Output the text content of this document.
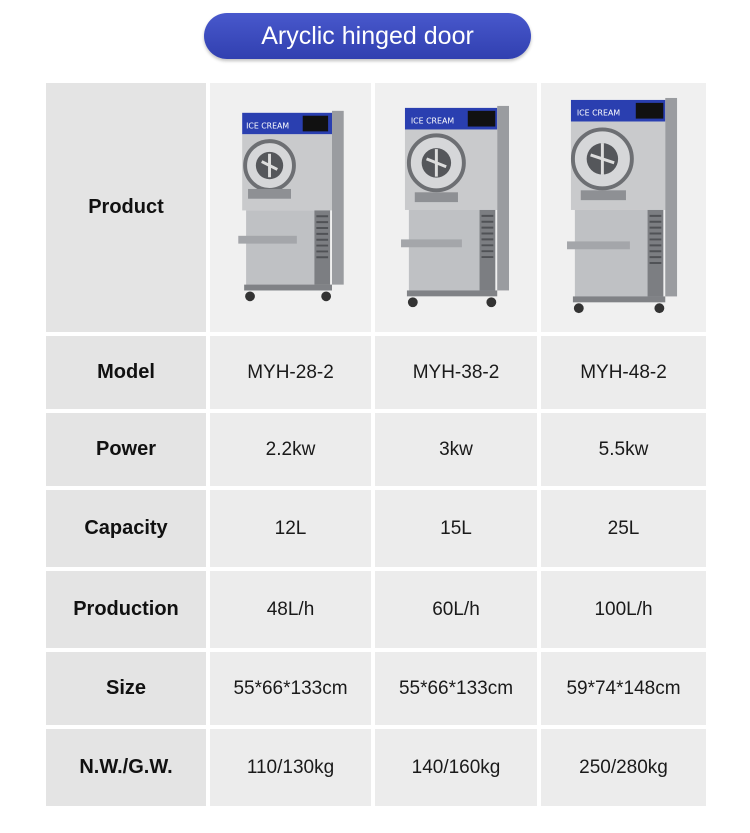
Aryclic hinged door
Product
ICE CREAM
ICE CREAM
ICE CREAM
Model	MYH-28-2	MYH-38-2	MYH-48-2
Power	2.2kw	3kw	5.5kw
Capacity	12L	15L	25L
Production	48L/h	60L/h	100L/h
Size	55*66*133cm	55*66*133cm	59*74*148cm
N.W./G.W.	110/130kg	140/160kg	250/280kg
